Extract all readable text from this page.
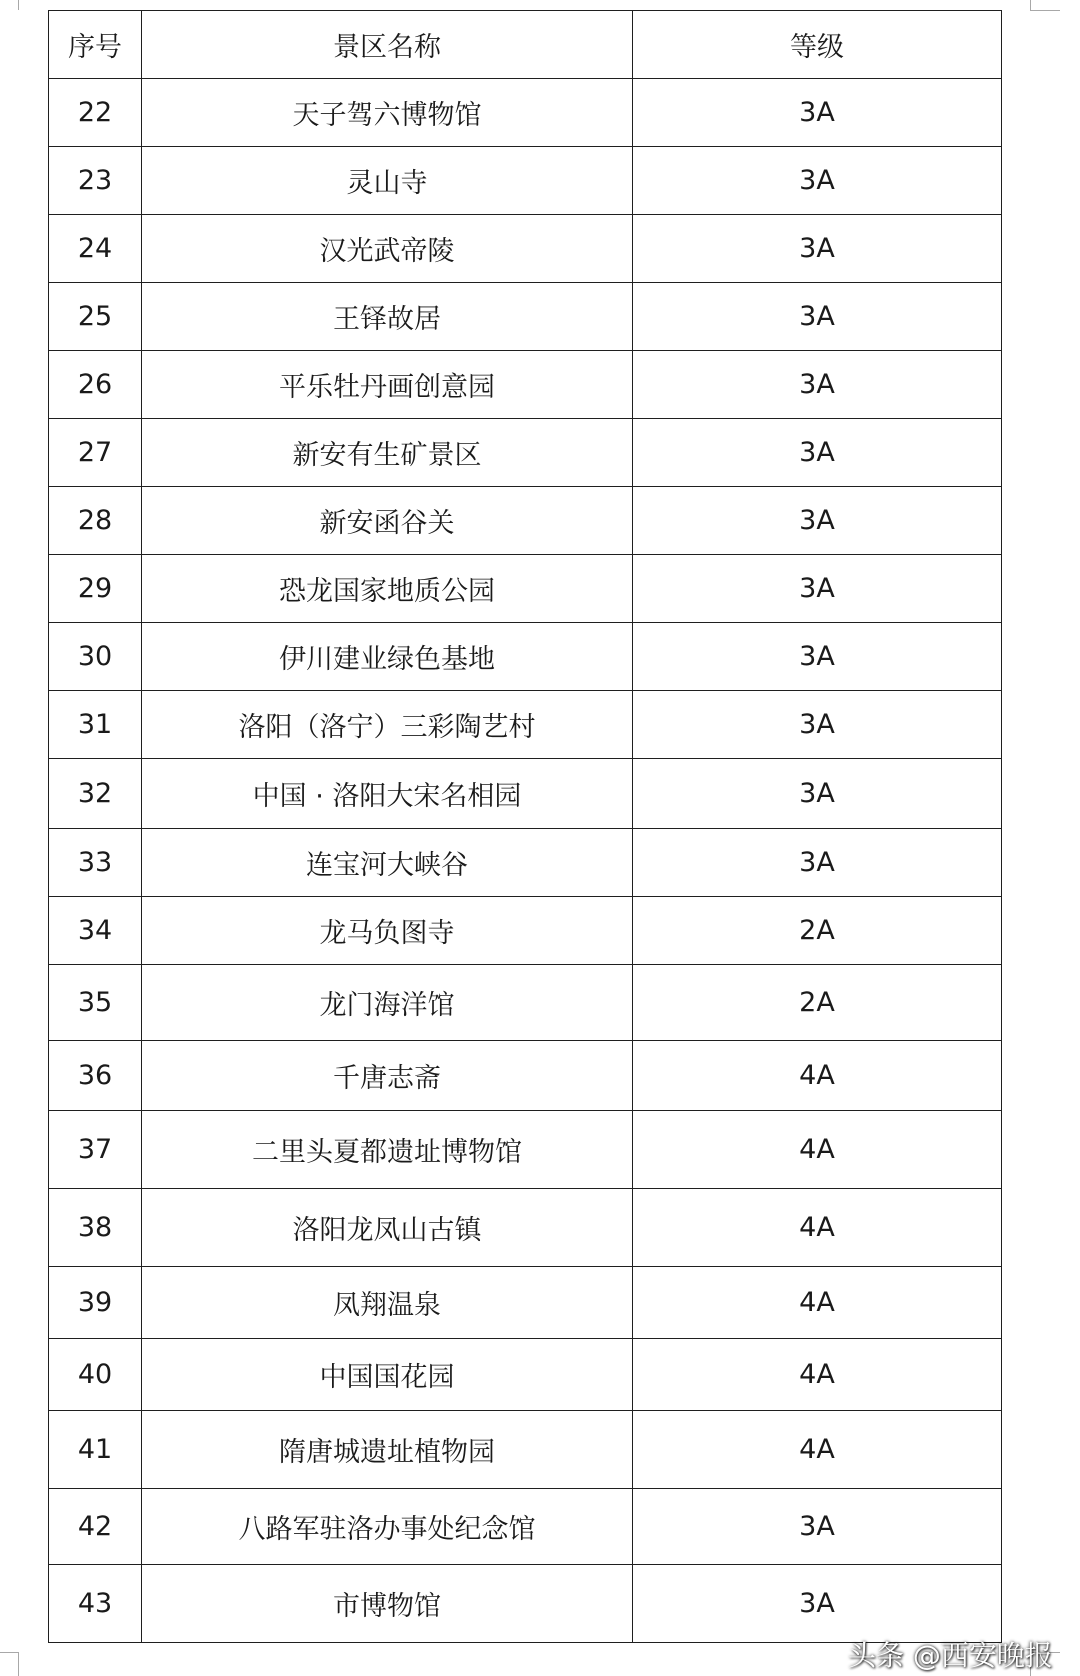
序号	景区名称	等级
22	天子驾六博物馆	3A
23	灵山寺	3A
24	汉光武帝陵	3A
25	王铎故居	3A
26	平乐牡丹画创意园	3A
27	新安有生矿景区	3A
28	新安函谷关	3A
29	恐龙国家地质公园	3A
30	伊川建业绿色基地	3A
31	洛阳（洛宁）三彩陶艺村	3A
32	中国 · 洛阳大宋名相园	3A
33	连宝河大峡谷	3A
34	龙马负图寺	2A
35	龙门海洋馆	2A
36	千唐志斋	4A
37	二里头夏都遗址博物馆	4A
38	洛阳龙凤山古镇	4A
39	凤翔温泉	4A
40	中国国花园	4A
41	隋唐城遗址植物园	4A
42	八路军驻洛办事处纪念馆	3A
43	市博物馆	3A
头条 @西安晚报
